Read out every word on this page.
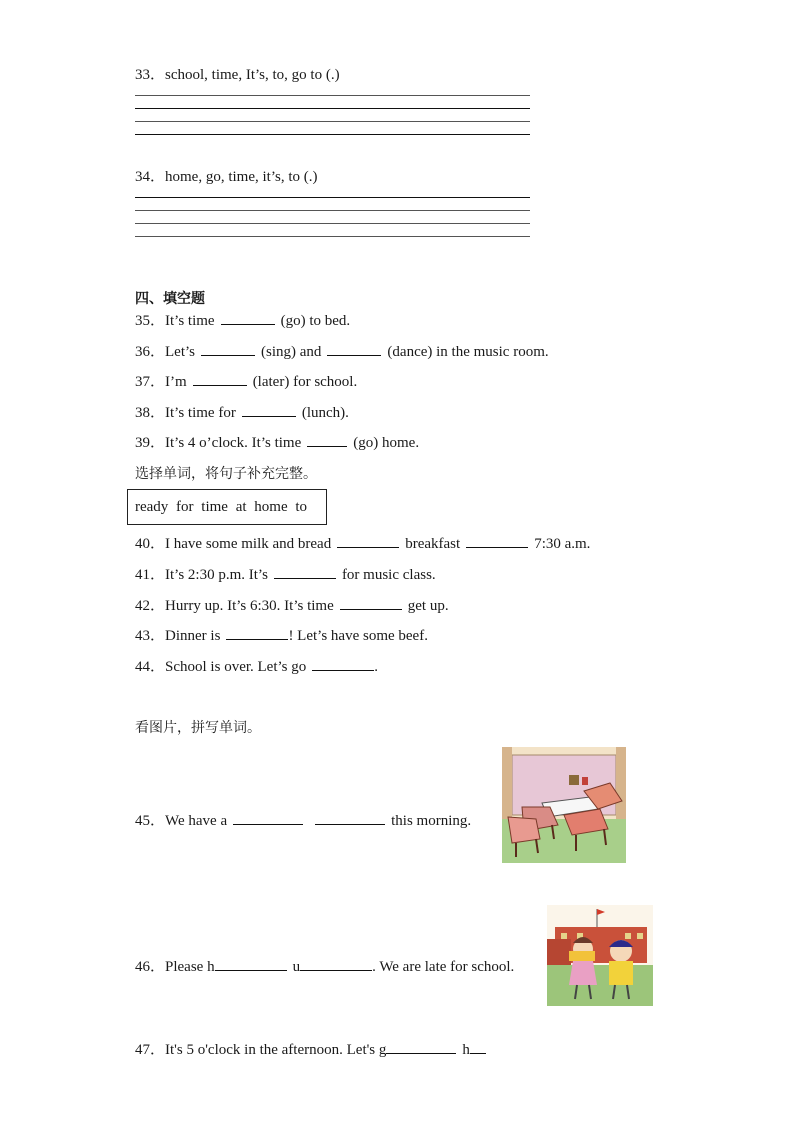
33．school, time, It’s, to, go to (.)
34．home, go, time, it’s, to (.)
四、填空题
35．It’s time	(go) to bed.
36．Let’s	(sing) and	(dance) in the music room.
37．I’m	(later) for school.
38．It’s time for	(lunch).
39．It’s 4 o’clock. It’s time	(go) home.
选择单词，将句子补充完整。
ready for time at home to
40．I have some milk and bread	breakfast	7:30 a.m.
41．It’s 2:30 p.m. It’s	for music class.
42．Hurry up. It’s 6:30. It’s time	get up.
43．Dinner is	! Let’s have some beef.
44．School is over. Let’s go	.
看图片，拼写单词。
45．We have a	this morning.
46．Please h	u	. We are late for school.
47．It's 5 o'clock in the afternoon. Let's g	h
